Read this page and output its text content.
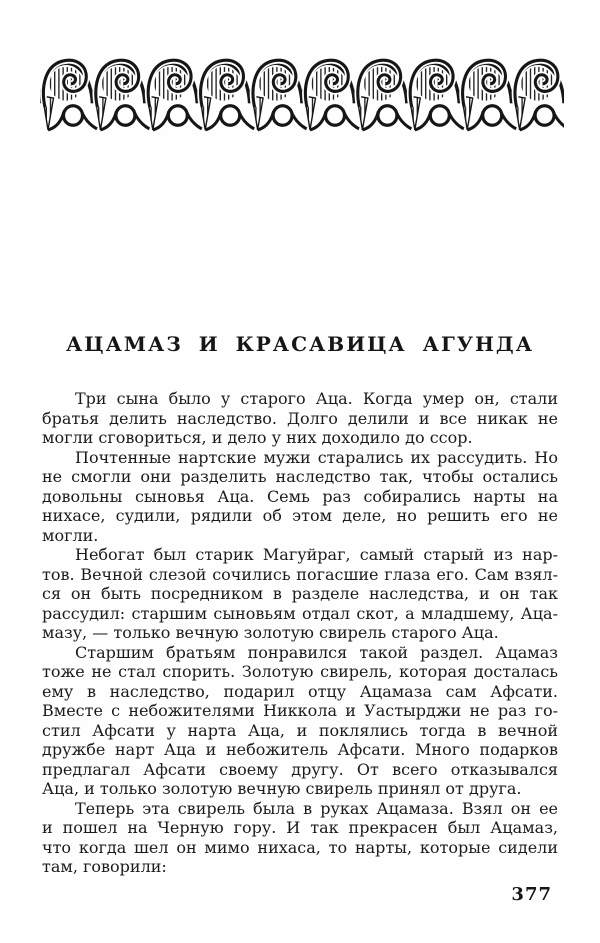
АЦАМАЗ И КРАСАВИЦА АГУНДА
Три сына было у старого Аца. Когда умер он, стали
братья делить наследство. Долго делили и все никак не
могли сговориться, и дело у них доходило до ссор.
Почтенные нартские мужи старались их рассудить. Но
не смогли они разделить наследство так, чтобы остались
довольны сыновья Аца. Семь раз собирались нарты на
нихасе, судили, рядили об этом деле, но решить его не
могли.
Небогат был старик Магуйраг, самый старый из нар-
тов. Вечной слезой сочились погасшие глаза его. Сам взял-
ся он быть посредником в разделе наследства, и он так
рассудил: старшим сыновьям отдал скот, а младшему, Аца-
мазу, — только вечную золотую свирель старого Аца.
Старшим братьям понравился такой раздел. Ацамаз
тоже не стал спорить. Золотую свирель, которая досталась
ему в наследство, подарил отцу Ацамаза сам Афсати.
Вместе с небожителями Никкола и Уастырджи не раз го-
стил Афсати у нарта Аца, и поклялись тогда в вечной
дружбе нарт Аца и небожитель Афсати. Много подарков
предлагал Афсати своему другу. От всего отказывался
Аца, и только золотую вечную свирель принял от друга.
Теперь эта свирель была в руках Ацамаза. Взял он ее
и пошел на Черную гору. И так прекрасен был Ацамаз,
что когда шел он мимо нихаса, то нарты, которые сидели
там, говорили:
377
